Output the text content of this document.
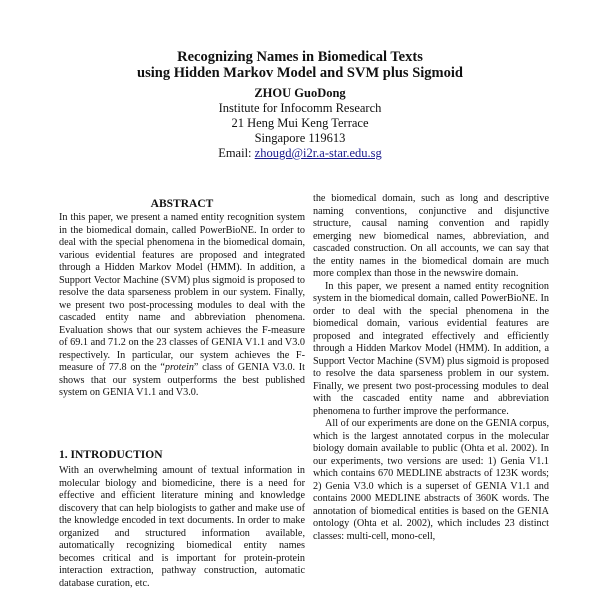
Recognizing Names in Biomedical Texts
using Hidden Markov Model and SVM plus Sigmoid
ZHOU GuoDong
Institute for Infocomm Research
21 Heng Mui Keng Terrace
Singapore 119613
Email: zhougd@i2r.a-star.edu.sg
ABSTRACT

In this paper, we present a named entity recognition system in the biomedical domain, called PowerBioNE. In order to deal with the special phenomena in the biomedical domain, various evidential features are proposed and integrated through a Hidden Markov Model (HMM). In addition, a Support Vector Machine (SVM) plus sigmoid is proposed to resolve the data sparseness problem in our system. Finally, we present two post-processing modules to deal with the cascaded entity name and abbreviation phenomena. Evaluation shows that our system achieves the F-measure of 69.1 and 71.2 on the 23 classes of GENIA V1.1 and V3.0 respectively. In particular, our system achieves the F-measure of 77.8 on the “protein” class of GENIA V3.0. It shows that our system outperforms the best published system on GENIA V1.1 and V3.0.

1. INTRODUCTION

With an overwhelming amount of textual information in molecular biology and biomedicine, there is a need for effective and efficient literature mining and knowledge discovery that can help biologists to gather and make use of the knowledge encoded in text documents. In order to make organized and structured information available, automatically recognizing biomedical entity names becomes critical and is important for protein-protein interaction extraction, pathway construction, automatic database curation, etc.

the biomedical domain, such as long and descriptive naming conventions, conjunctive and disjunctive structure, causal naming convention and rapidly emerging new biomedical names, abbreviation, and cascaded construction. On all accounts, we can say that the entity names in the biomedical domain are much more complex than those in the newswire domain.

In this paper, we present a named entity recognition system in the biomedical domain, called PowerBioNE. In order to deal with the special phenomena in the biomedical domain, various evidential features are proposed and integrated effectively and efficiently through a Hidden Markov Model (HMM). In addition, a Support Vector Machine (SVM) plus sigmoid is proposed to resolve the data sparseness problem in our system. Finally, we present two post-processing modules to deal with the cascaded entity name and abbreviation phenomena to further improve the performance.

All of our experiments are done on the GENIA corpus, which is the largest annotated corpus in the molecular biology domain available to public (Ohta et al. 2002). In our experiments, two versions are used: 1) Genia V1.1 which contains 670 MEDLINE abstracts of 123K words; 2) Genia V3.0 which is a superset of GENIA V1.1 and contains 2000 MEDLINE abstracts of 360K words. The annotation of biomedical entities is based on the GENIA ontology (Ohta et al. 2002), which includes 23 distinct classes: multi-cell, mono-cell,
